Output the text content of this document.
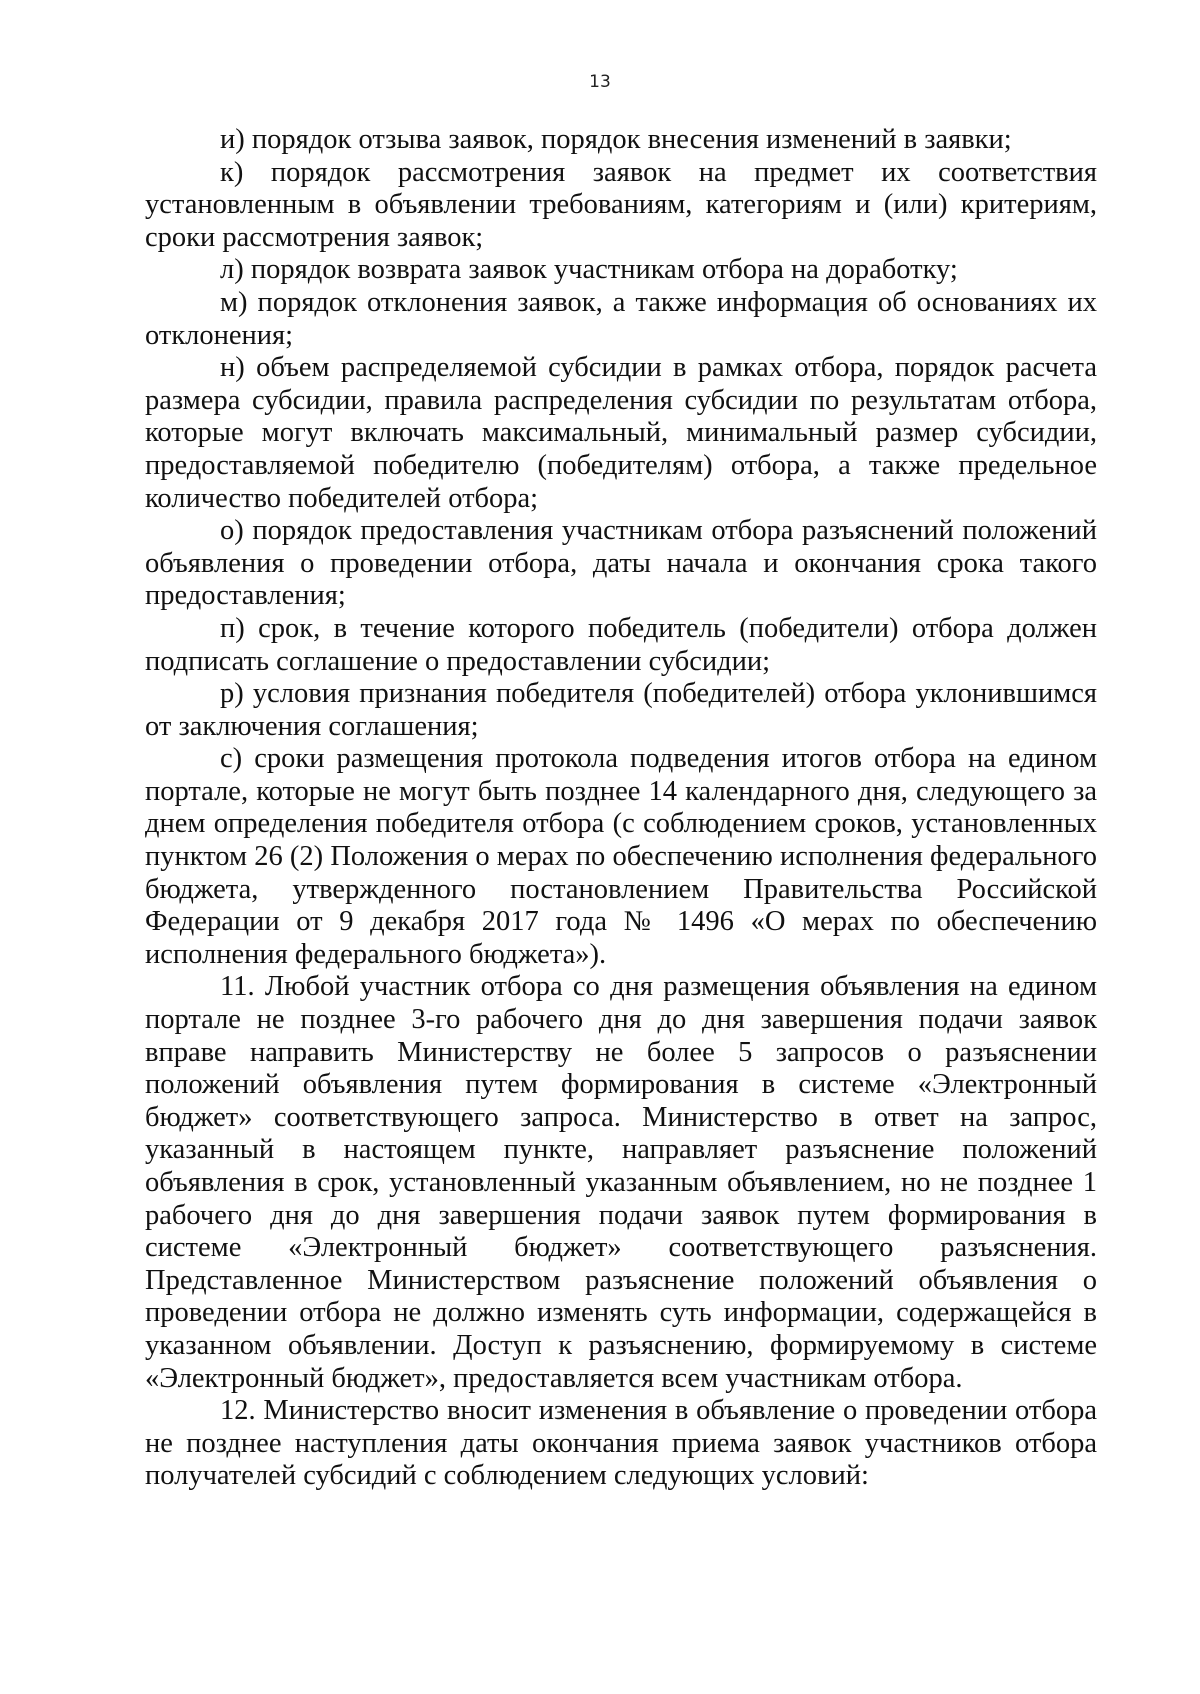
13

и) порядок отзыва заявок, порядок внесения изменений в заявки;

к) порядок рассмотрения заявок на предмет их соответствия установленным в объявлении требованиям, категориям и (или) критериям, сроки рассмотрения заявок;

л) порядок возврата заявок участникам отбора на доработку;

м) порядок отклонения заявок, а также информация об основаниях их отклонения;

н) объем распределяемой субсидии в рамках отбора, порядок расчета размера субсидии, правила распределения субсидии по результатам отбора, которые могут включать максимальный, минимальный размер субсидии, предоставляемой победителю (победителям) отбора, а также предельное количество победителей отбора;

о) порядок предоставления участникам отбора разъяснений положений объявления о проведении отбора, даты начала и окончания срока такого предоставления;

п) срок, в течение которого победитель (победители) отбора должен подписать соглашение о предоставлении субсидии;

р) условия признания победителя (победителей) отбора уклонившимся от заключения соглашения;

с) сроки размещения протокола подведения итогов отбора на едином портале, которые не могут быть позднее 14 календарного дня, следующего за днем определения победителя отбора (с соблюдением сроков, установленных пунктом 26 (2) Положения о мерах по обеспечению исполнения федерального бюджета, утвержденного постановлением Правительства Российской Федерации от 9 декабря 2017 года № 1496 «О мерах по обеспечению исполнения федерального бюджета»).

11. Любой участник отбора со дня размещения объявления на едином портале не позднее 3-го рабочего дня до дня завершения подачи заявок вправе направить Министерству не более 5 запросов о разъяснении положений объявления путем формирования в системе «Электронный бюджет» соответствующего запроса. Министерство в ответ на запрос, указанный в настоящем пункте, направляет разъяснение положений объявления в срок, установленный указанным объявлением, но не позднее 1 рабочего дня до дня завершения подачи заявок путем формирования в системе «Электронный бюджет» соответствующего разъяснения. Представленное Министерством разъяснение положений объявления о проведении отбора не должно изменять суть информации, содержащейся в указанном объявлении. Доступ к разъяснению, формируемому в системе «Электронный бюджет», предоставляется всем участникам отбора.

12. Министерство вносит изменения в объявление о проведении отбора не позднее наступления даты окончания приема заявок участников отбора получателей субсидий с соблюдением следующих условий:
